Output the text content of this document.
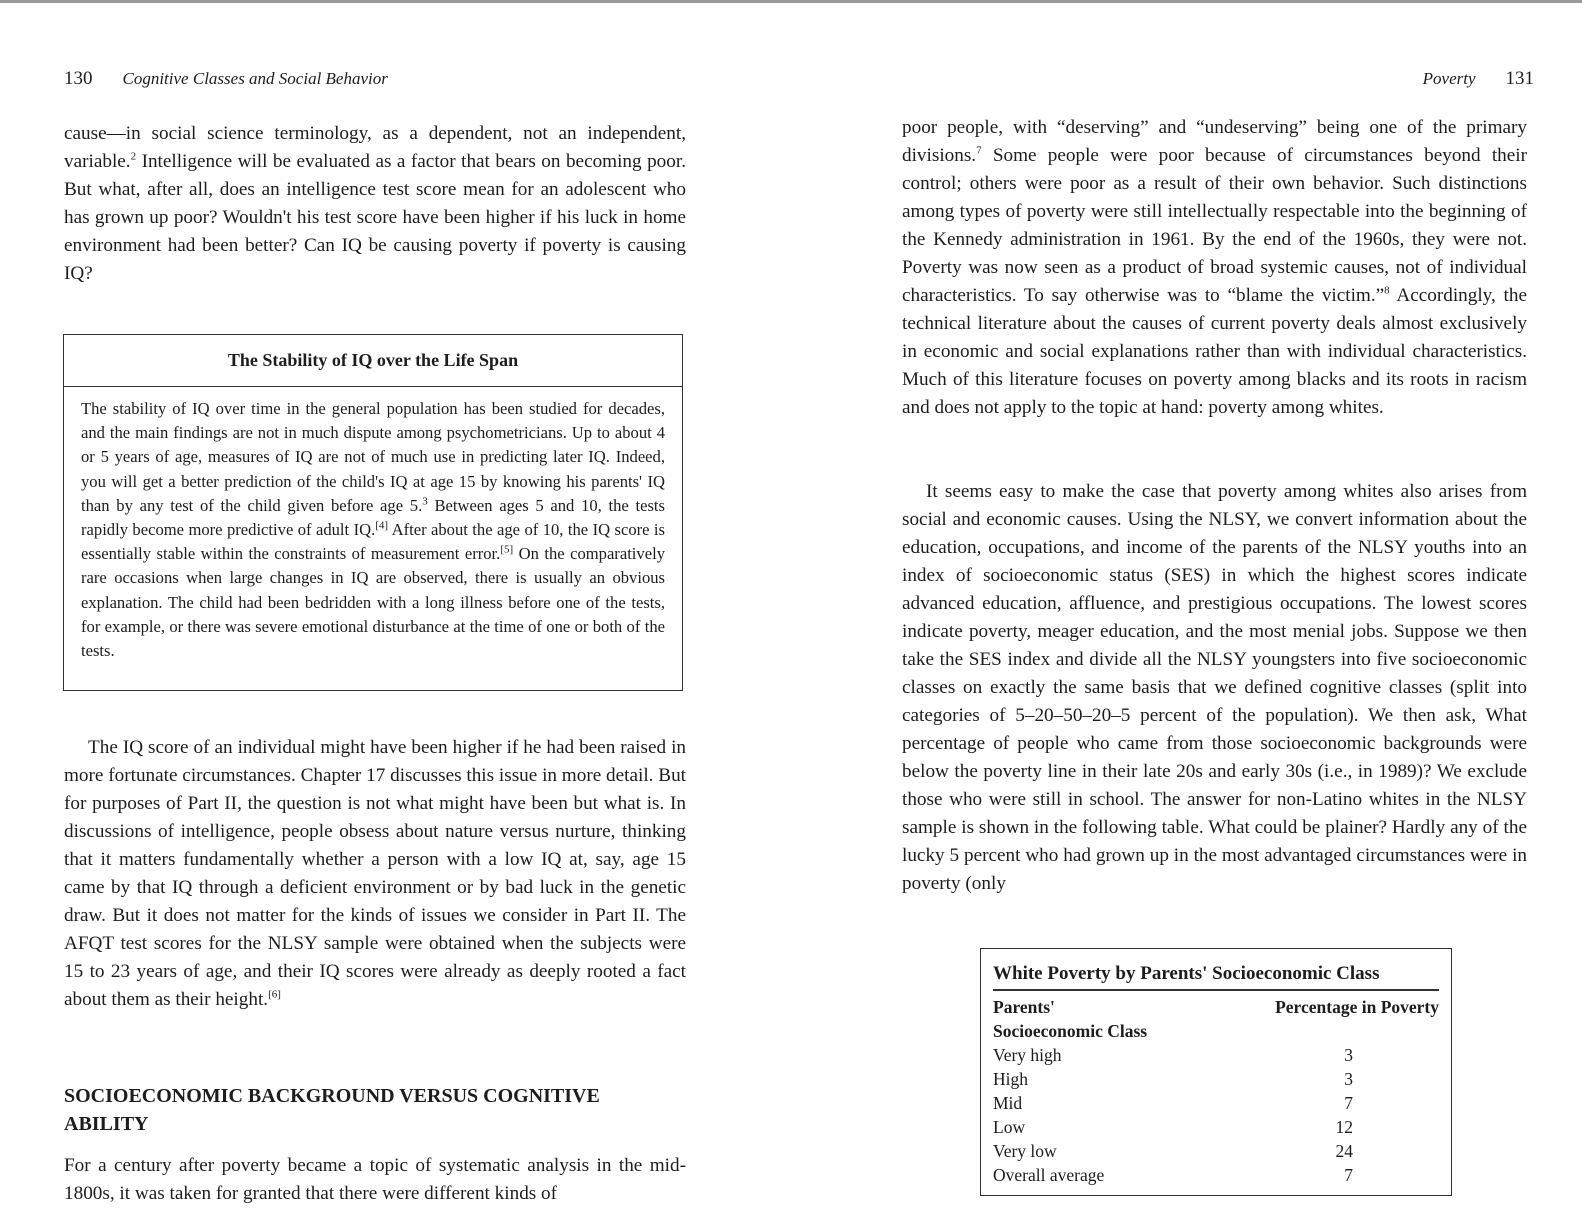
130 Cognitive Classes and Social Behavior

cause—in social science terminology, as a dependent, not an independent, variable.$^2$ Intelligence will be evaluated as a factor that bears on becoming poor. But what, after all, does an intelligence test score mean for an adolescent who has grown up poor? Wouldn't his test score have been higher if his luck in home environment had been better? Can IQ be causing poverty if poverty is causing IQ?

The Stability of IQ over the Life Span
The stability of IQ over time in the general population has been studied for decades, and the main findings are not in much dispute among psychometricians. Up to about 4 or 5 years of age, measures of IQ are not of much use in predicting later IQ. Indeed, you will get a better prediction of the child's IQ at age 15 by knowing his parents' IQ than by any test of the child given before age 5.$^3$ Between ages 5 and 10, the tests rapidly become more predictive of adult IQ.[4] After about the age of 10, the IQ score is essentially stable within the constraints of measurement error.[5] On the comparatively rare occasions when large changes in IQ are observed, there is usually an obvious explanation. The child had been bedridden with a long illness before one of the tests, for example, or there was severe emotional disturbance at the time of one or both of the tests.

The IQ score of an individual might have been higher if he had been raised in more fortunate circumstances. Chapter 17 discusses this issue in more detail. But for purposes of Part II, the question is not what might have been but what is. In discussions of intelligence, people obsess about nature versus nurture, thinking that it matters fundamentally whether a person with a low IQ at, say, age 15 came by that IQ through a deficient environment or by bad luck in the genetic draw. But it does not matter for the kinds of issues we consider in Part II. The AFQT test scores for the NLSY sample were obtained when the subjects were 15 to 23 years of age, and their IQ scores were already as deeply rooted a fact about them as their height.[6]

SOCIOECONOMIC BACKGROUND VERSUS COGNITIVE ABILITY

For a century after poverty became a topic of systematic analysis in the mid-1800s, it was taken for granted that there were different kinds of

Poverty 131

poor people, with “deserving” and “undeserving” being one of the primary divisions.$^7$ Some people were poor because of circumstances beyond their control; others were poor as a result of their own behavior. Such distinctions among types of poverty were still intellectually respectable into the beginning of the Kennedy administration in 1961. By the end of the 1960s, they were not. Poverty was now seen as a product of broad systemic causes, not of individual characteristics. To say otherwise was to “blame the victim.”$^8$ Accordingly, the technical literature about the causes of current poverty deals almost exclusively in economic and social explanations rather than with individual characteristics. Much of this literature focuses on poverty among blacks and its roots in racism and does not apply to the topic at hand: poverty among whites.

It seems easy to make the case that poverty among whites also arises from social and economic causes. Using the NLSY, we convert information about the education, occupations, and income of the parents of the NLSY youths into an index of socioeconomic status (SES) in which the highest scores indicate advanced education, affluence, and prestigious occupations. The lowest scores indicate poverty, meager education, and the most menial jobs. Suppose we then take the SES index and divide all the NLSY youngsters into five socioeconomic classes on exactly the same basis that we defined cognitive classes (split into categories of 5–20–50–20–5 percent of the population). We then ask, What percentage of people who came from those socioeconomic backgrounds were below the poverty line in their late 20s and early 30s (i.e., in 1989)? We exclude those who were still in school. The answer for non-Latino whites in the NLSY sample is shown in the following table. What could be plainer? Hardly any of the lucky 5 percent who had grown up in the most advantaged circumstances were in poverty (only

White Poverty by Parents' Socioeconomic Class
Parents'
Socioeconomic Class	Percentage in Poverty
Very high	3
High	3
Mid	7
Low	12
Very low	24
Overall average	7
